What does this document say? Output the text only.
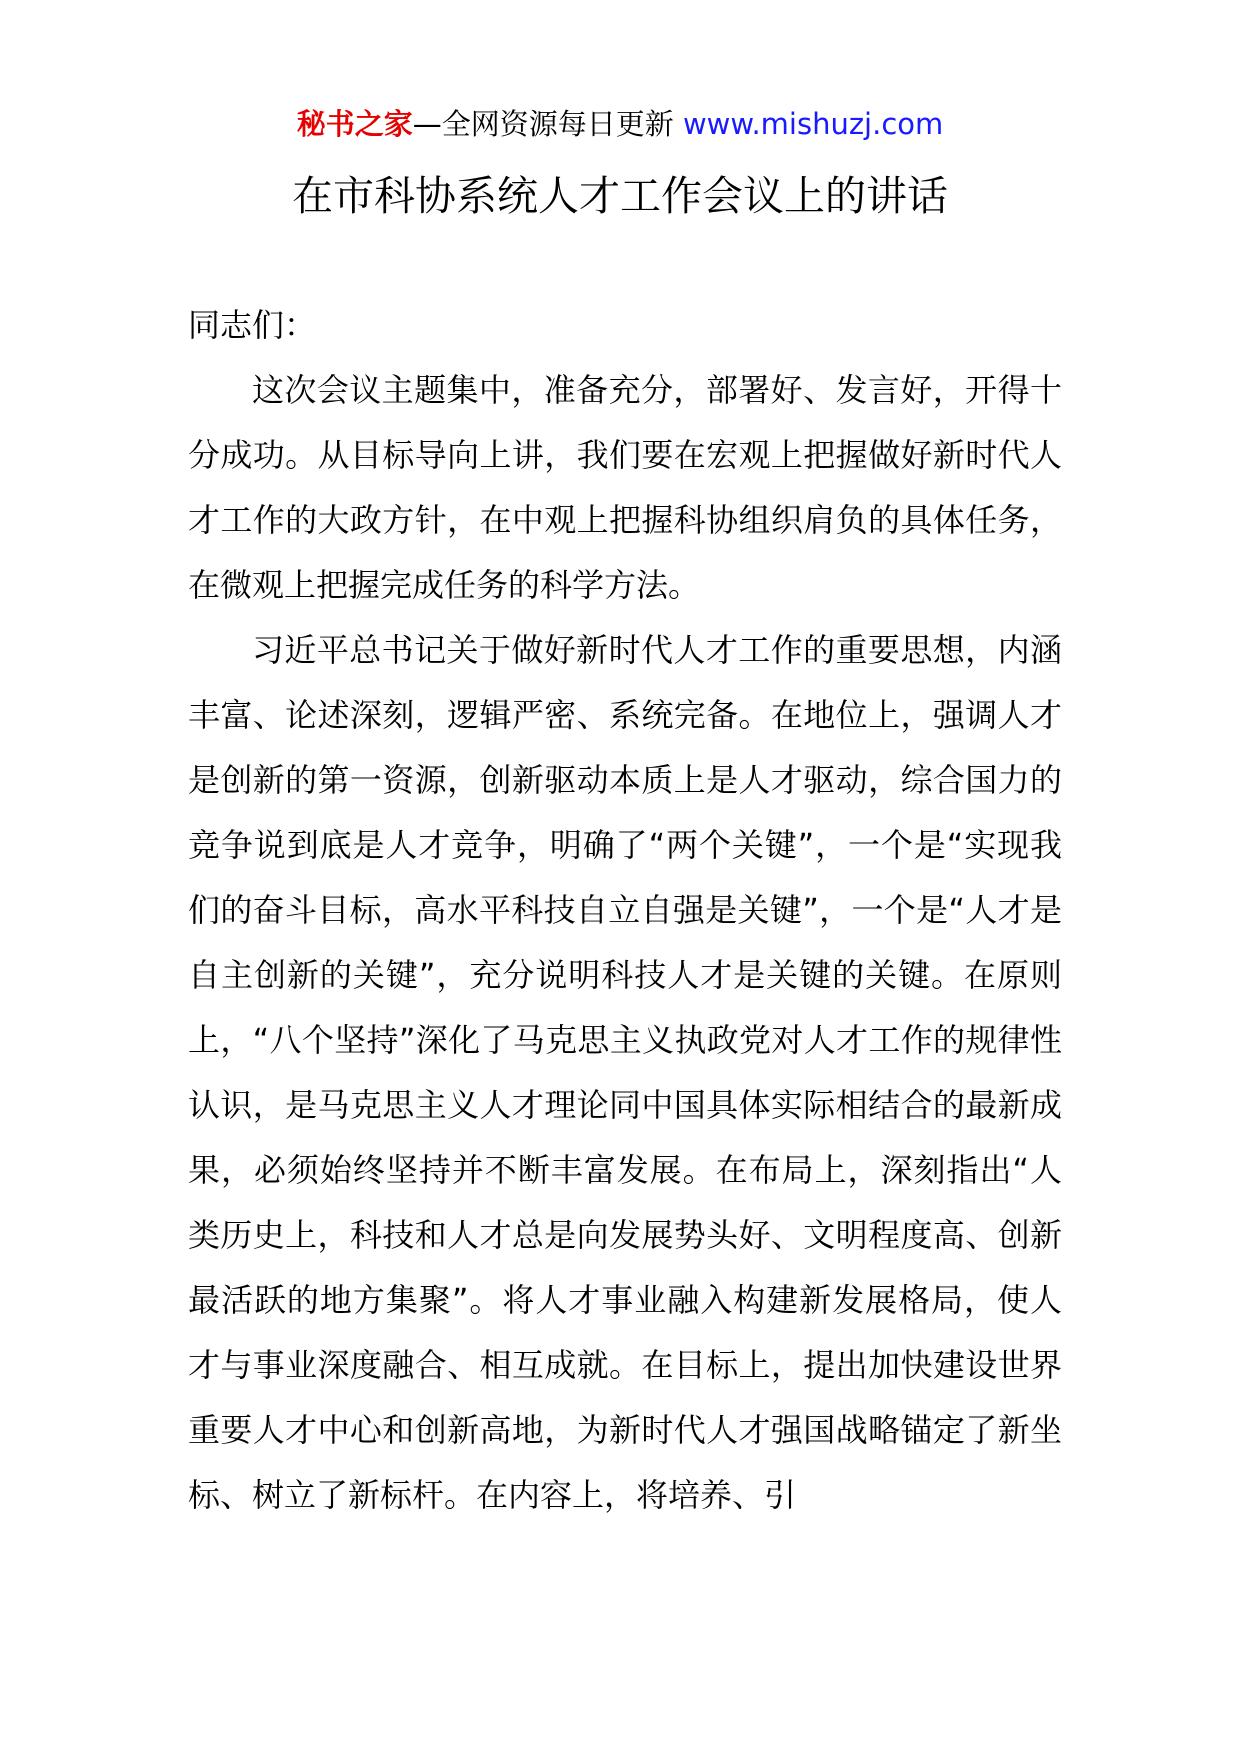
秘书之家—全网资源每日更新 www.mishuzj.com
在市科协系统人才工作会议上的讲话

同志们：

这次会议主题集中，准备充分，部署好、发言好，开得十分成功。从目标导向上讲，我们要在宏观上把握做好新时代人才工作的大政方针，在中观上把握科协组织肩负的具体任务，在微观上把握完成任务的科学方法。

习近平总书记关于做好新时代人才工作的重要思想，内涵丰富、论述深刻，逻辑严密、系统完备。在地位上，强调人才是创新的第一资源，创新驱动本质上是人才驱动，综合国力的竞争说到底是人才竞争，明确了“两个关键”，一个是“实现我们的奋斗目标，高水平科技自立自强是关键”，一个是“人才是自主创新的关键”，充分说明科技人才是关键的关键。在原则上，“八个坚持”深化了马克思主义执政党对人才工作的规律性认识，是马克思主义人才理论同中国具体实际相结合的最新成果，必须始终坚持并不断丰富发展。在布局上，深刻指出“人类历史上，科技和人才总是向发展势头好、文明程度高、创新最活跃的地方集聚”。将人才事业融入构建新发展格局，使人才与事业深度融合、相互成就。在目标上，提出加快建设世界重要人才中心和创新高地，为新时代人才强国战略锚定了新坐标、树立了新标杆。在内容上，将培养、引
